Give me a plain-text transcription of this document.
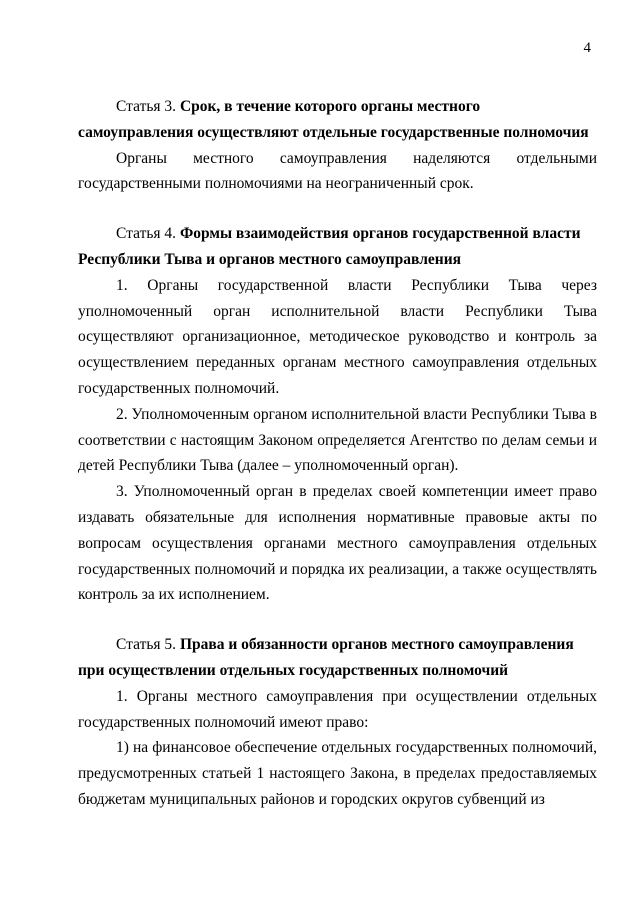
4

Статья 3. Срок, в течение которого органы местного самоуправления осуществляют отдельные государственные полномочия

Органы местного самоуправления наделяются отдельными государственными полномочиями на неограниченный срок.

Статья 4. Формы взаимодействия органов государственной власти Республики Тыва и органов местного самоуправления

1. Органы государственной власти Республики Тыва через уполномоченный орган исполнительной власти Республики Тыва осуществляют организационное, методическое руководство и контроль за осуществлением переданных органам местного самоуправления отдельных государственных полномочий.

2. Уполномоченным органом исполнительной власти Республики Тыва в соответствии с настоящим Законом определяется Агентство по делам семьи и детей Республики Тыва (далее – уполномоченный орган).

3. Уполномоченный орган в пределах своей компетенции имеет право издавать обязательные для исполнения нормативные правовые акты по вопросам осуществления органами местного самоуправления отдельных государственных полномочий и порядка их реализации, а также осуществлять контроль за их исполнением.

Статья 5. Права и обязанности органов местного самоуправления при осуществлении отдельных государственных полномочий

1. Органы местного самоуправления при осуществлении отдельных государственных полномочий имеют право:

1) на финансовое обеспечение отдельных государственных полномочий, предусмотренных статьей 1 настоящего Закона, в пределах предоставляемых бюджетам муниципальных районов и городских округов субвенций из
